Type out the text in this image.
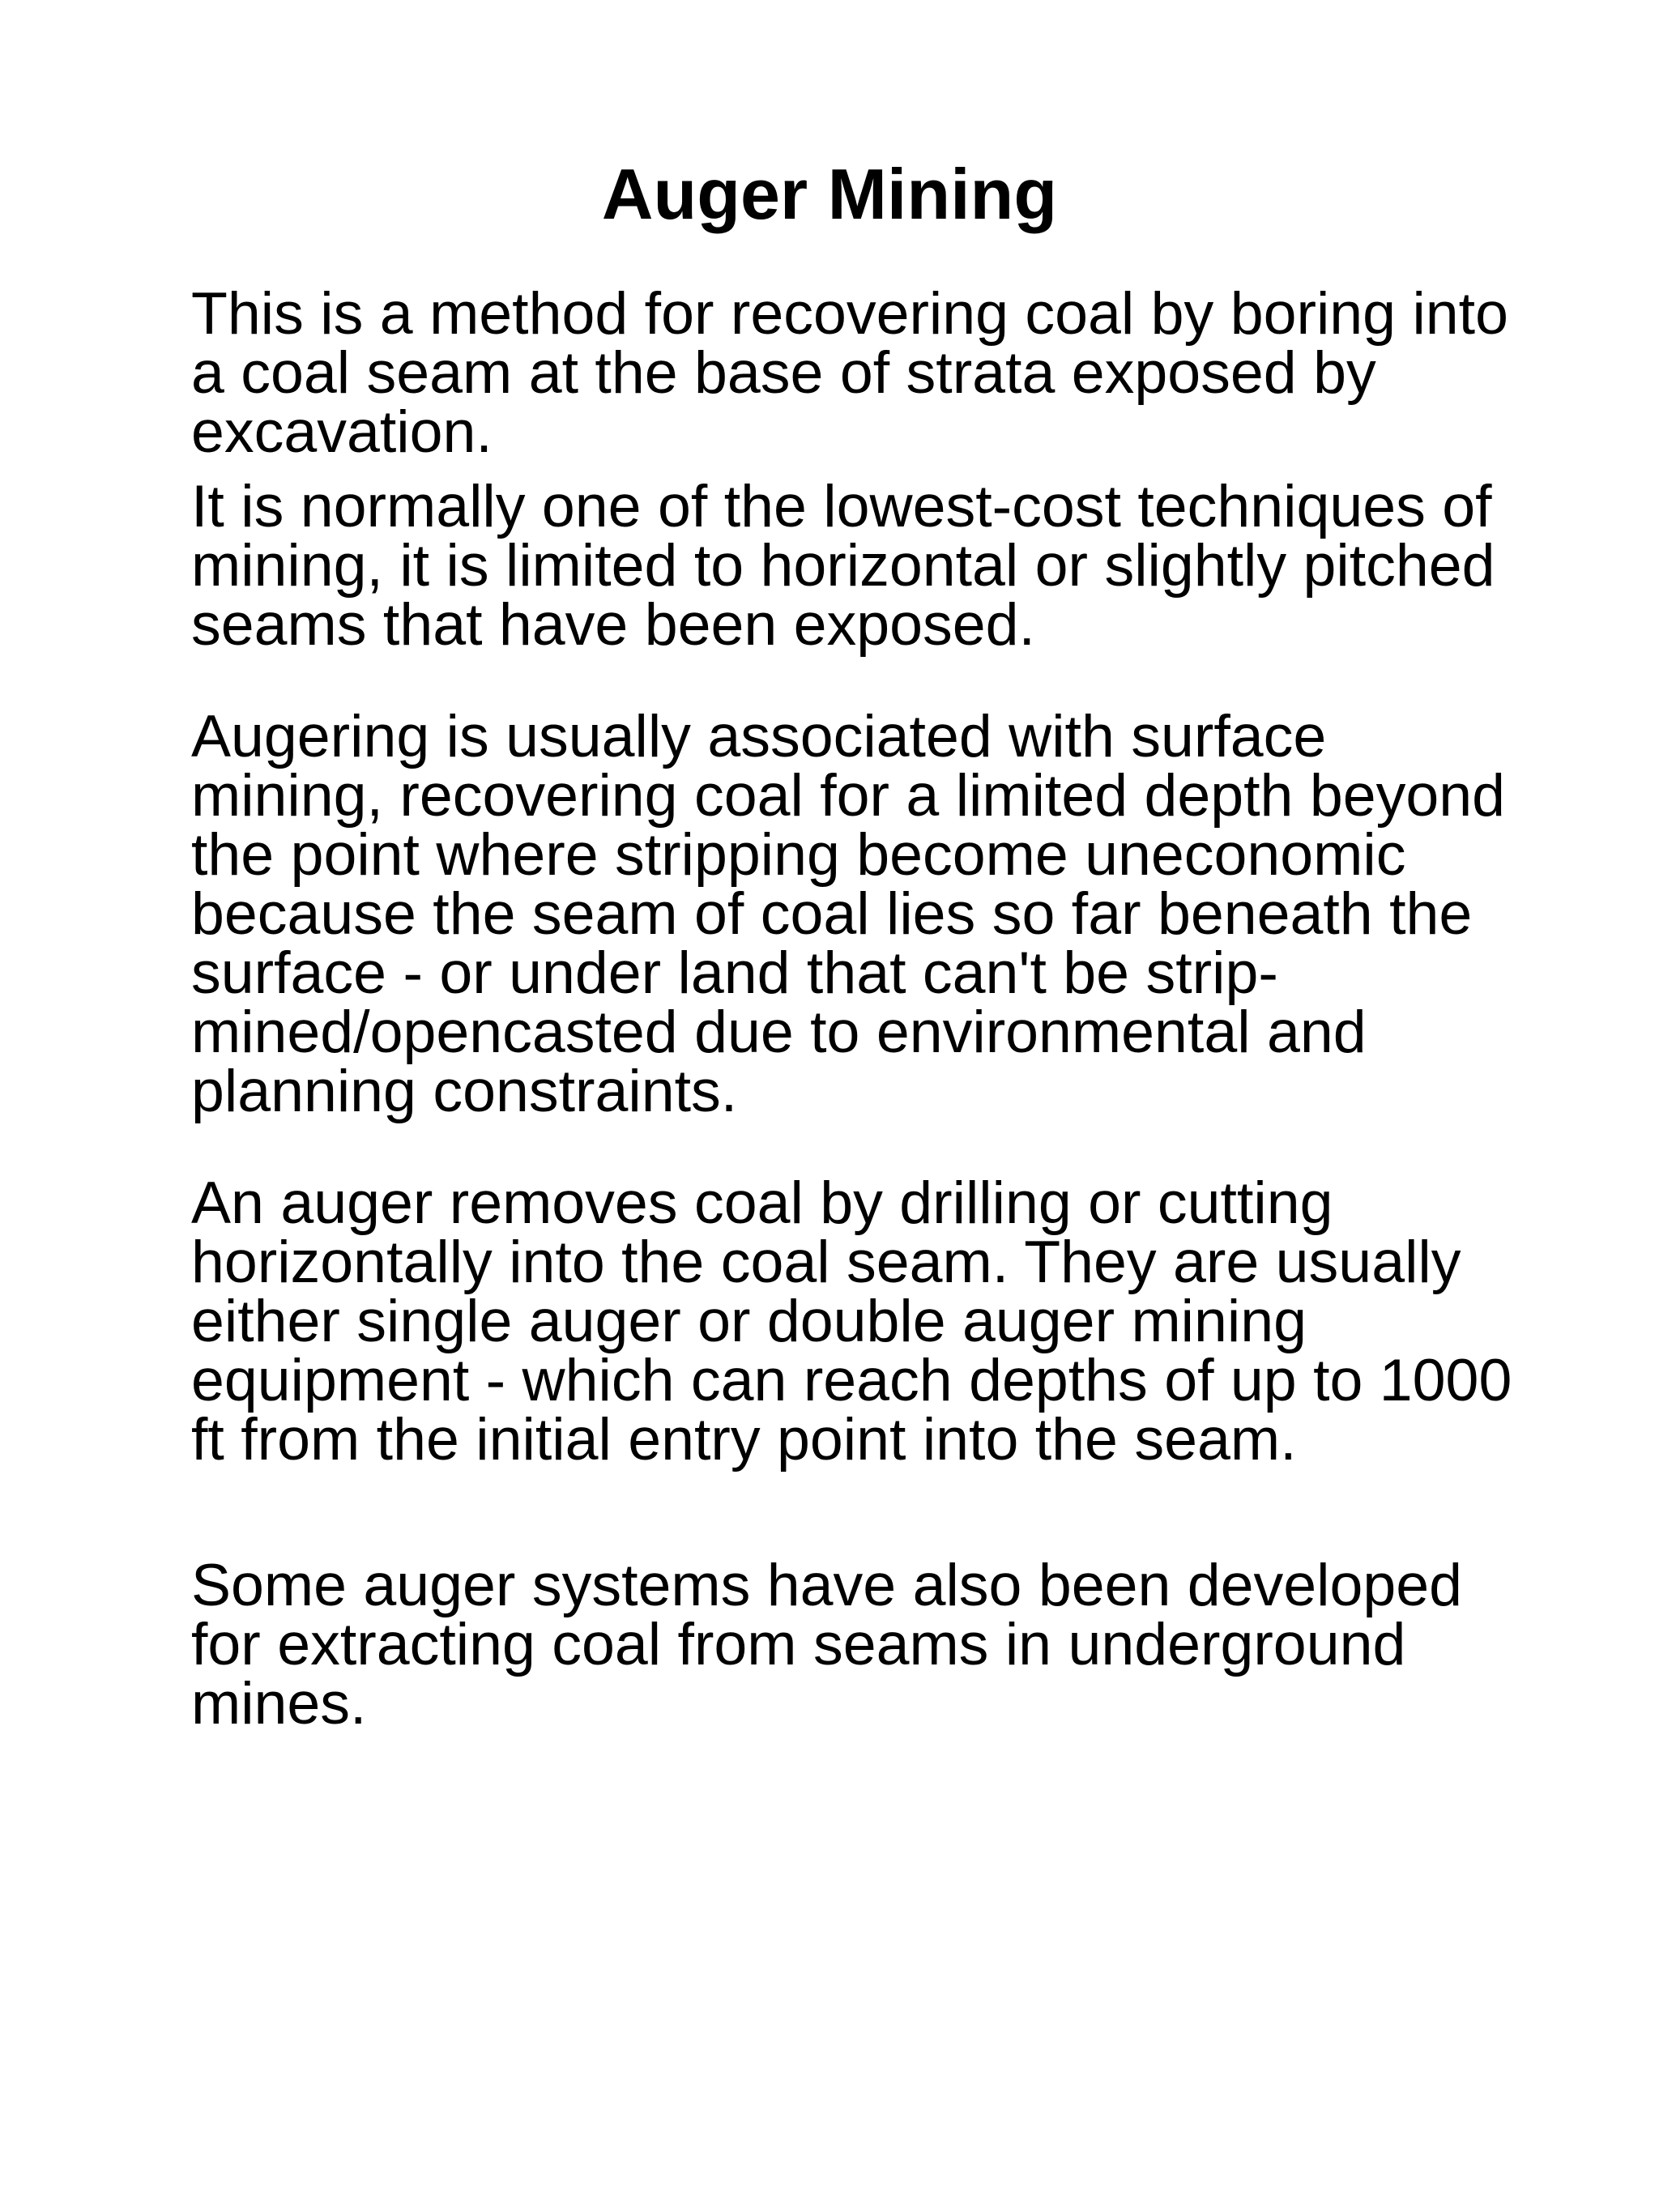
Auger Mining

This is a method for recovering coal by boring into
a coal seam at the base of strata exposed by
excavation.

It is normally one of the lowest-cost techniques of
mining, it is limited to horizontal or slightly pitched
seams that have been exposed.

Augering is usually associated with surface
mining, recovering coal for a limited depth beyond
the point where stripping become uneconomic
because the seam of coal lies so far beneath the
surface - or under land that can't be strip-
mined/opencasted due to environmental and
planning constraints.

An auger removes coal by drilling or cutting
horizontally into the coal seam. They are usually
either single auger or double auger mining
equipment - which can reach depths of up to 1000
ft from the initial entry point into the seam.

Some auger systems have also been developed
for extracting coal from seams in underground
mines.
